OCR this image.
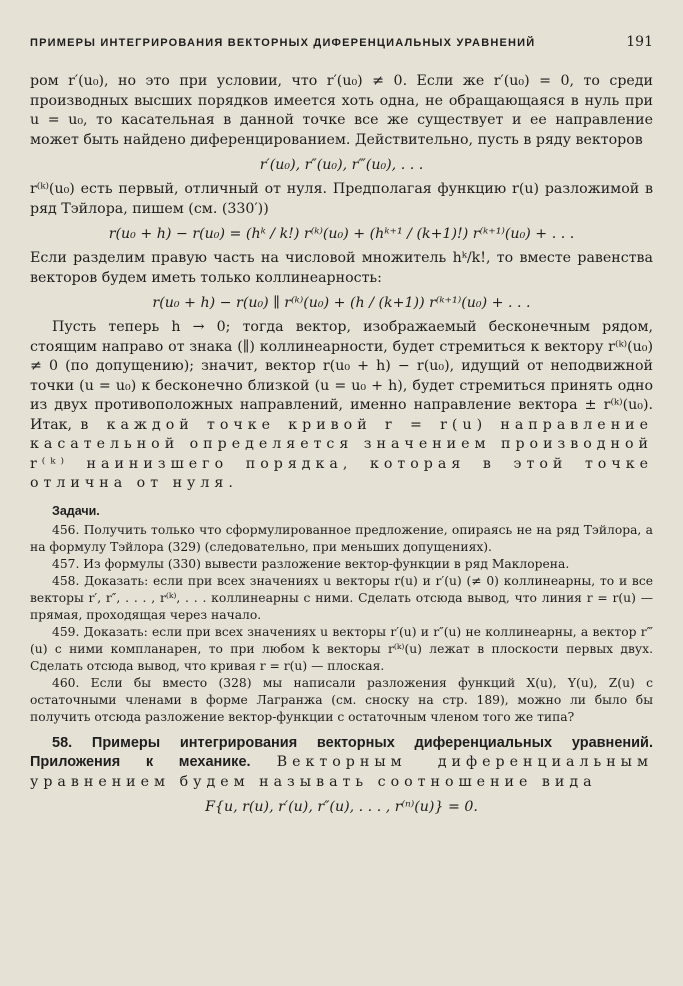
ПРИМЕРЫ ИНТЕГРИРОВАНИЯ ВЕКТОРНЫХ ДИФЕРЕНЦИАЛЬНЫХ УРАВНЕНИЙ	191

ром r′(u₀), но это при условии, что r′(u₀) ≠ 0. Если же r′(u₀) = 0, то среди производных высших порядков имеется хоть одна, не обращающаяся в нуль при u = u₀, то касательная в данной точке все же существует и ее направление может быть найдено дифеpенцированием. Действительно, пусть в ряду векторов

r′(u₀), r″(u₀), r‴(u₀), . . .

r⁽ᵏ⁾(u₀) есть первый, отличный от нуля. Предполагая функцию r(u) разложимой в ряд Тэйлора, пишем (см. (330′))

r(u₀ + h) − r(u₀) = (hᵏ / k!) r⁽ᵏ⁾(u₀) + (hᵏ⁺¹ / (k+1)!) r⁽ᵏ⁺¹⁾(u₀) + . . .

Если разделим правую часть на числовой множитель hᵏ/k!, то вместе равенства векторов будем иметь только коллинеарность:

r(u₀ + h) − r(u₀) ∥ r⁽ᵏ⁾(u₀) + (h / (k+1)) r⁽ᵏ⁺¹⁾(u₀) + . . .

Пусть теперь h → 0; тогда вектор, изображаемый бесконечным рядом, стоящим направо от знака (∥) коллинеарности, будет стремиться к вектору r⁽ᵏ⁾(u₀) ≠ 0 (по допущению); значит, вектор r(u₀ + h) − r(u₀), идущий от неподвижной точки (u = u₀) к бесконечно близкой (u = u₀ + h), будет стремиться принять одно из двух противоположных направлений, именно направление вектора ± r⁽ᵏ⁾(u₀). Итак, в каждой точке кривой r = r(u) направление касательной определяется значением производной r⁽ᵏ⁾ наинизшего порядка, которая в этой точке отлична от нуля.

Задачи.

456. Получить только что сформулированное предложение, опираясь не на ряд Тэйлора, а на формулу Тэйлора (329) (следовательно, при меньших допущениях).

457. Из формулы (330) вывести разложение вектор-функции в ряд Маклорена.

458. Доказать: если при всех значениях u векторы r(u) и r′(u) (≠ 0) коллинеарны, то и все векторы r′, r″, . . . , r⁽ᵏ⁾, . . . коллинеарны с ними. Сделать отсюда вывод, что линия r = r(u) — прямая, проходящая через начало.

459. Доказать: если при всех значениях u векторы r′(u) и r″(u) не коллинеарны, а вектор r‴(u) с ними компланарен, то при любом k векторы r⁽ᵏ⁾(u) лежат в плоскости первых двух. Сделать отсюда вывод, что кривая r = r(u) — плоская.

460. Если бы вместо (328) мы написали разложения функций X(u), Y(u), Z(u) с остаточными членами в форме Лагранжа (см. сноску на стр. 189), можно ли было бы получить отсюда разложение вектор-функции с остаточным членом того же типа?

58. Примеры интегрирования векторных диференциальных уравнений. Приложения к механике. Векторным диференциальным уравнением будем называть соотношение вида

F{u, r(u), r′(u), r″(u), . . . , r⁽ⁿ⁾(u)} = 0.
